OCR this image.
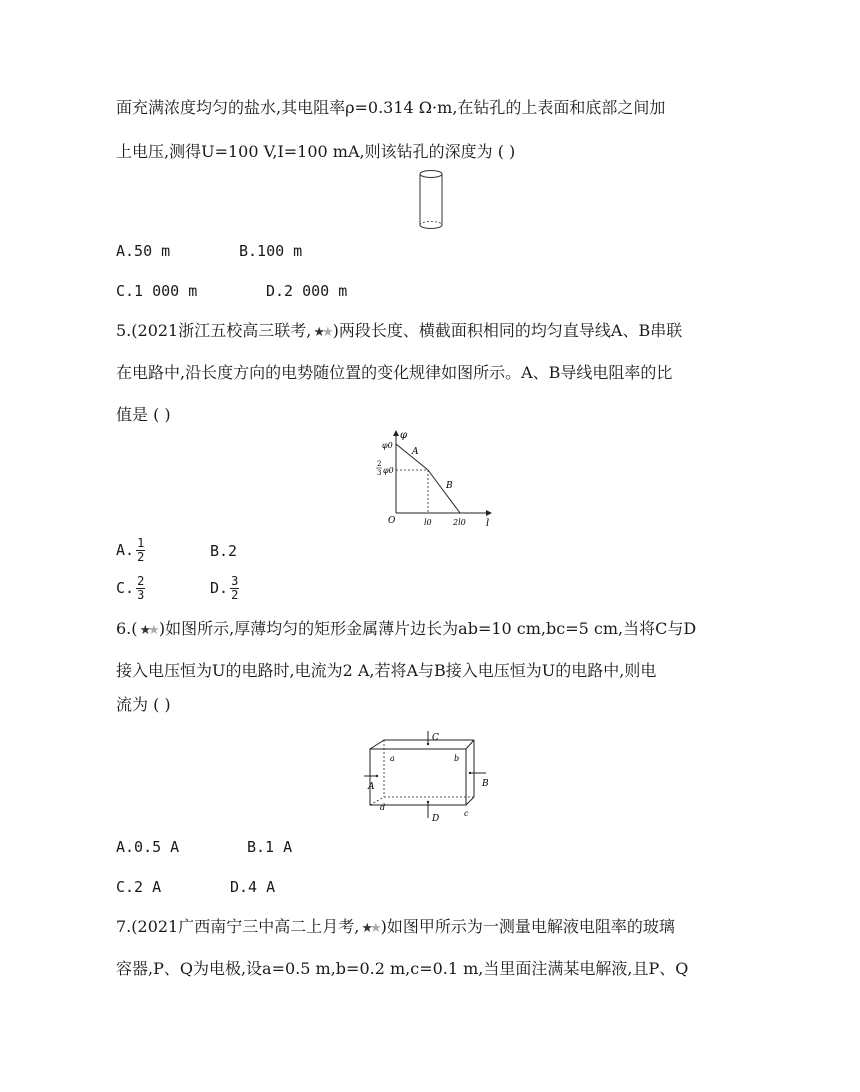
面充满浓度均匀的盐水,其电阻率ρ=0.314 Ω·m,在钻孔的上表面和底部之间加
上电压,测得U=100 V,I=100 mA,则该钻孔的深度为 ( )
A.50 m	B.100 m
C.1 000 m	D.2 000 m
5.(2021浙江五校高三联考, ★★ )两段长度、横截面积相同的均匀直导线A、B串联
在电路中,沿长度方向的电势随位置的变化规律如图所示。A、B导线电阻率的比
值是 ( )
φ
l
O
φ0
2
3 φ0
l0	2l0
A
B
A. $\frac{1}{2}$	B.2
C. $\frac{2}{3}$	D. $\frac{3}{2}$
6.( ★★ )如图所示,厚薄均匀的矩形金属薄片边长为ab=10 cm,bc=5 cm,当将C与D
接入电压恒为U的电路时,电流为2 A,若将A与B接入电压恒为U的电路中,则电
流为 ( )
C
D
A	B
a	b
c
d
A.0.5 A	B.1 A
C.2 A	D.4 A
7.(2021广西南宁三中高二上月考, ★★ )如图甲所示为一测量电解液电阻率的玻璃
容器,P、Q为电极,设a=0.5 m,b=0.2 m,c=0.1 m,当里面注满某电解液,且P、Q
